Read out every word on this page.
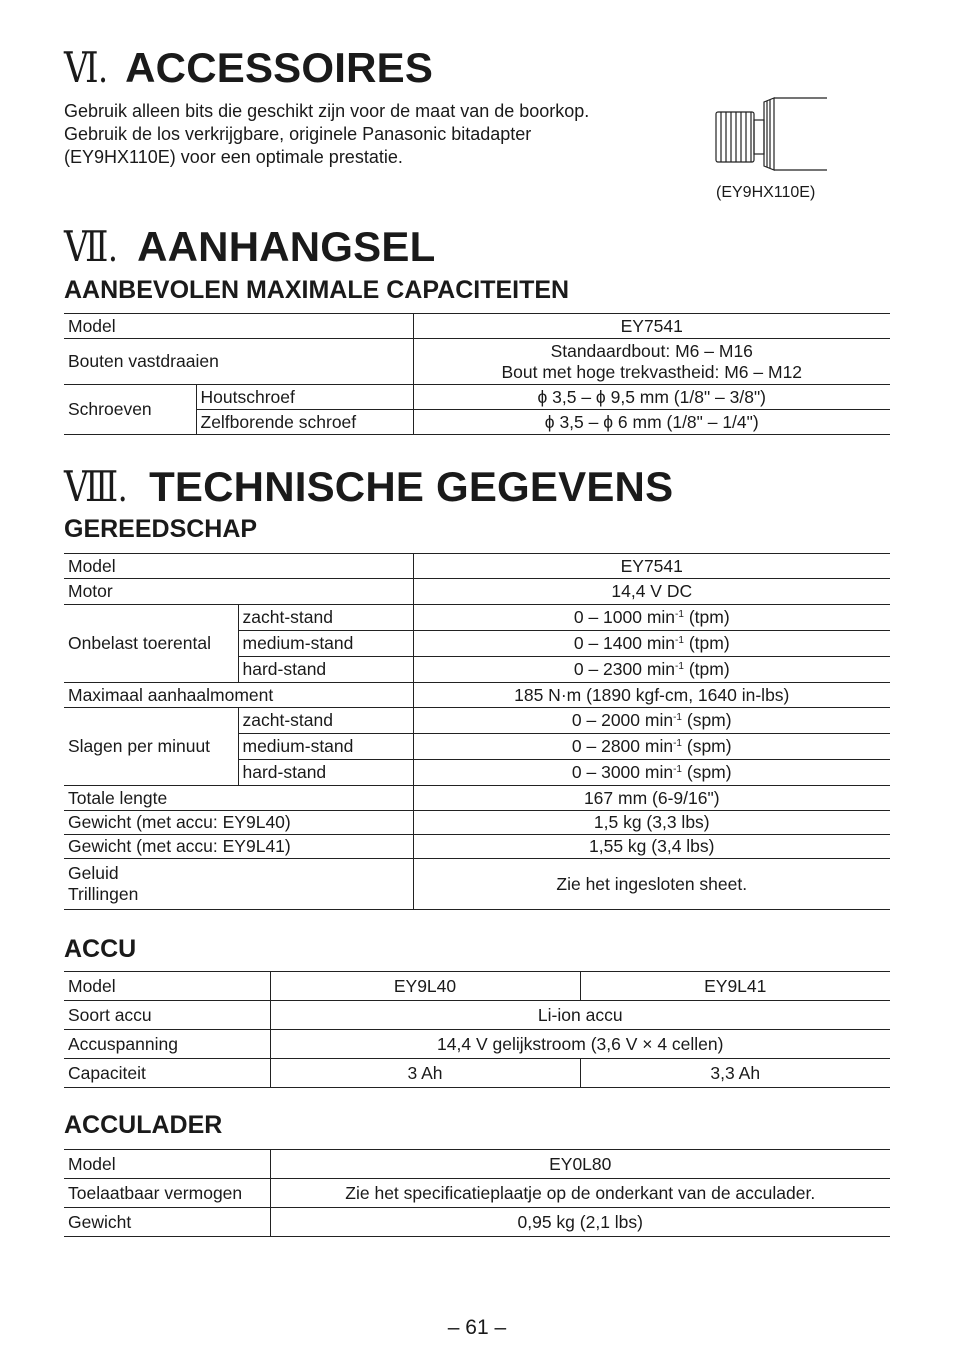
Ⅵ. ACCESSOIRES

Gebruik alleen bits die geschikt zijn voor de maat van de boorkop.

Gebruik de los verkrijgbare, originele Panasonic bitadapter (EY9HX110E) voor een optimale prestatie.

(EY9HX110E)
Ⅶ. AANHANGSEL
AANBEVOLEN MAXIMALE CAPACITEITEN
Model		EY7541
Bouten vastdraaien		Standaardbout: M6 – M16
Bout met hoge trekvastheid: M6 – M12

Schroeven	Houtschroef	ϕ 3,5 – ϕ 9,5 mm (1/8" – 3/8")
	Zelfborende schroef	ϕ 3,5 – ϕ 6 mm (1/8" – 1/4")
Ⅷ. TECHNISCHE GEGEVENS
GEREEDSCHAP
Model		EY7541
Motor		14,4 V DC
Onbelast toerental	zacht-stand	0 – 1000 $\min^{-1} (tpm)$
	medium-stand	0 – 1400 $\min^{-1} (tpm)$
	hard-stand	0 – 2300 $\min^{-1} (tpm)$
Maximaal aanhaalmoment		185 N·m (1890 kgf-cm, 1640 in-lbs)
Slagen per minuut	zacht-stand	0 – 2000 $\min^{-1} (spm)$
	medium-stand	0 – 2800 $\min^{-1} (spm)$
	hard-stand	0 – 3000 $\min^{-1} (spm)$
Totale lengte		167 mm (6-9/16")
Gewicht (met accu: EY9L40)		1,5 kg (3,3 lbs)
Gewicht (met accu: EY9L41)		1,55 kg (3,4 lbs)

Geluid
Trillingen		Zie het ingesloten sheet.
ACCU
Model	EY9L40	EY9L41
Soort accu	Li-ion accu	
Accuspanning	14,4 V gelijkstroom (3,6 V × 4 cellen)	
Capaciteit	3 Ah	3,3 Ah
ACCULADER
Model	EY0L80
Toelaatbaar vermogen	Zie het specificatieplaatje op de onderkant van de acculader.
Gewicht	0,95 kg (2,1 lbs)
– 61 –
